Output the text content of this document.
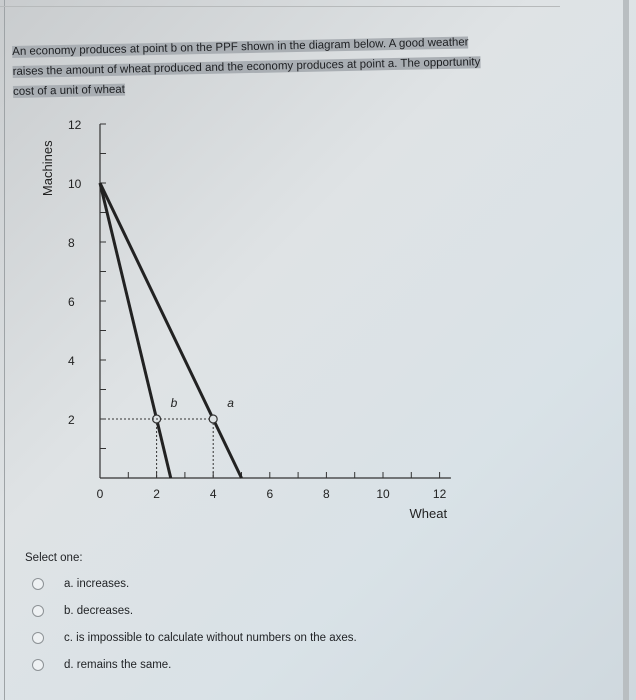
An economy produces at point b on the PPF shown in the diagram below. A good weather
raises the amount of wheat produced and the economy produces at point a. The opportunity
cost of a unit of wheat
2
4
6
8
10
12
0	2	4	6	8	10	12
Wheat
Machines
b	a
Select one:
a. increases.
b. decreases.
c. is impossible to calculate without numbers on the axes.
d. remains the same.
